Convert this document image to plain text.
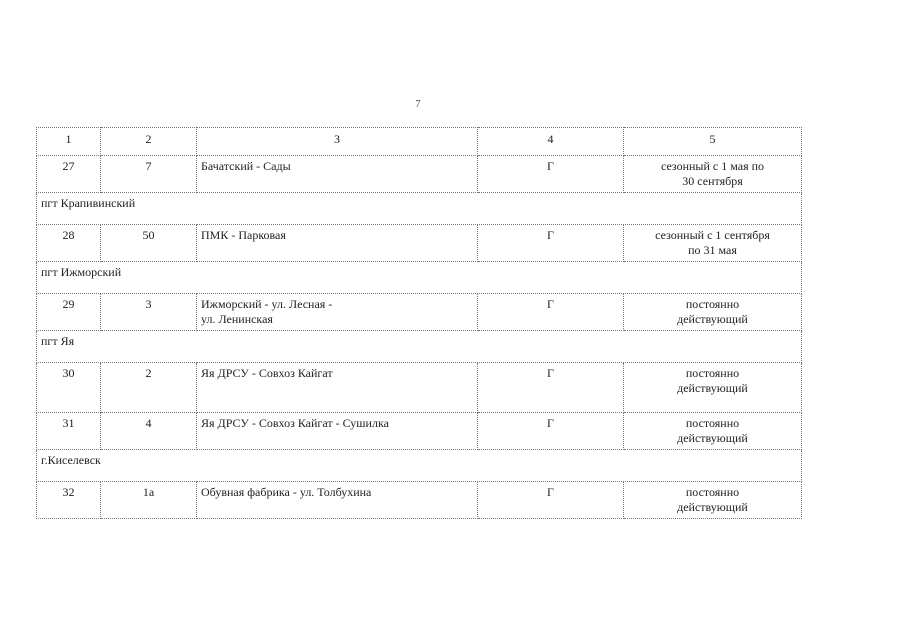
7
1	2	3	4	5
27	7	Бачатский - Сады	Г	сезонный с 1 мая по
30 сентября
пгт Крапивинский				
28	50	ПМК - Парковая	Г	сезонный с 1 сентября
по 31 мая
пгт Ижморский				
29	3	Ижморский - ул. Лесная -
ул. Ленинская	Г	постоянно
действующий
пгт Яя				
30	2	Яя ДРСУ - Совхоз Кайгат	Г	постоянно
действующий
31	4	Яя ДРСУ - Совхоз Кайгат - Сушилка	Г	постоянно
действующий
г.Киселевск				
32	1а	Обувная фабрика - ул. Толбухина	Г	постоянно
действующий
